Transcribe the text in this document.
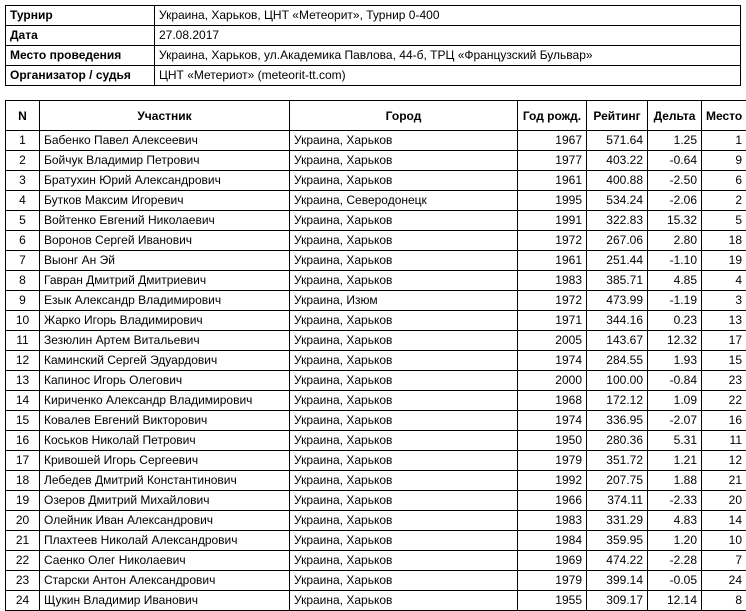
Турнир	Украина, Харьков, ЦНТ «Метеорит», Турнир 0-400
Дата	27.08.2017
Место проведения	Украина, Харьков, ул.Академика Павлова, 44-б, ТРЦ «Французский Бульвар»
Организатор / судья	ЦНТ «Метериот» (meteorit-tt.com)
N	Участник	Город	Год рожд.	Рейтинг	Дельта	Место
1	Бабенко Павел Алексеевич	Украина, Харьков	1967	571.64	1.25	1
2	Бойчук Владимир Петрович	Украина, Харьков	1977	403.22	-0.64	9
3	Братухин Юрий Александрович	Украина, Харьков	1961	400.88	-2.50	6
4	Бутков Максим Игоревич	Украина, Северодонецк	1995	534.24	-2.06	2
5	Войтенко Евгений Николаевич	Украина, Харьков	1991	322.83	15.32	5
6	Воронов Сергей Иванович	Украина, Харьков	1972	267.06	2.80	18
7	Выонг Ан Эй	Украина, Харьков	1961	251.44	-1.10	19
8	Гавран Дмитрий Дмитриевич	Украина, Харьков	1983	385.71	4.85	4
9	Езык Александр Владимирович	Украина, Изюм	1972	473.99	-1.19	3
10	Жарко Игорь Владимирович	Украина, Харьков	1971	344.16	0.23	13
11	Зезюлин Артем Витальевич	Украина, Харьков	2005	143.67	12.32	17
12	Каминский Сергей Эдуардович	Украина, Харьков	1974	284.55	1.93	15
13	Капинос Игорь Олегович	Украина, Харьков	2000	100.00	-0.84	23
14	Кириченко Александр Владимирович	Украина, Харьков	1968	172.12	1.09	22
15	Ковалев Евгений Викторович	Украина, Харьков	1974	336.95	-2.07	16
16	Коськов Николай Петрович	Украина, Харьков	1950	280.36	5.31	11
17	Кривошей Игорь Сергеевич	Украина, Харьков	1979	351.72	1.21	12
18	Лебедев Дмитрий Константинович	Украина, Харьков	1992	207.75	1.88	21
19	Озеров Дмитрий Михайлович	Украина, Харьков	1966	374.11	-2.33	20
20	Олейник Иван Александрович	Украина, Харьков	1983	331.29	4.83	14
21	Плахтеев Николай Александрович	Украина, Харьков	1984	359.95	1.20	10
22	Саенко Олег Николаевич	Украина, Харьков	1969	474.22	-2.28	7
23	Старски Антон Александрович	Украина, Харьков	1979	399.14	-0.05	24
24	Щукин Владимир Иванович	Украина, Харьков	1955	309.17	12.14	8
